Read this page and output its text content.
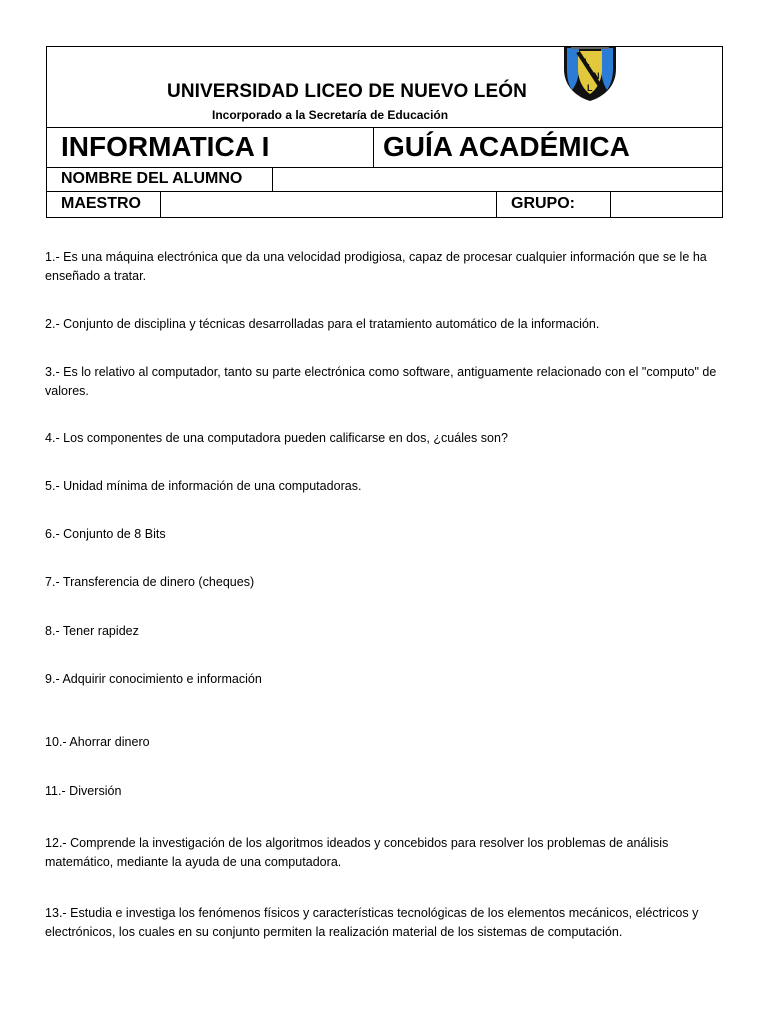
UNIVERSIDAD LICEO DE NUEVO LEÓN
Incorporado a la Secretaría de Educación
L
N
L
INFORMATICA I	GUÍA ACADÉMICA
NOMBRE DEL ALUMNO
MAESTRO	GRUPO:
1.- Es una máquina electrónica que da una velocidad prodigiosa, capaz de procesar cualquier información que se le ha enseñado a tratar.
2.- Conjunto de disciplina y técnicas desarrolladas para el tratamiento automático de la información.
3.- Es lo relativo al computador, tanto su parte electrónica como software, antiguamente relacionado con el "computo" de valores.
4.- Los componentes de una computadora pueden calificarse en dos, ¿cuáles son?
5.- Unidad mínima de información de una computadoras.
6.- Conjunto de 8 Bits
7.- Transferencia de dinero (cheques)
8.- Tener rapidez
9.- Adquirir conocimiento e información
10.- Ahorrar dinero
11.- Diversión
12.- Comprende la investigación de los algoritmos ideados y concebidos para resolver los problemas de análisis matemático, mediante la ayuda de una computadora.
13.- Estudia e investiga los fenómenos físicos y características tecnológicas de los elementos mecánicos, eléctricos y electrónicos, los cuales en su conjunto permiten la realización material de los sistemas de computación.
